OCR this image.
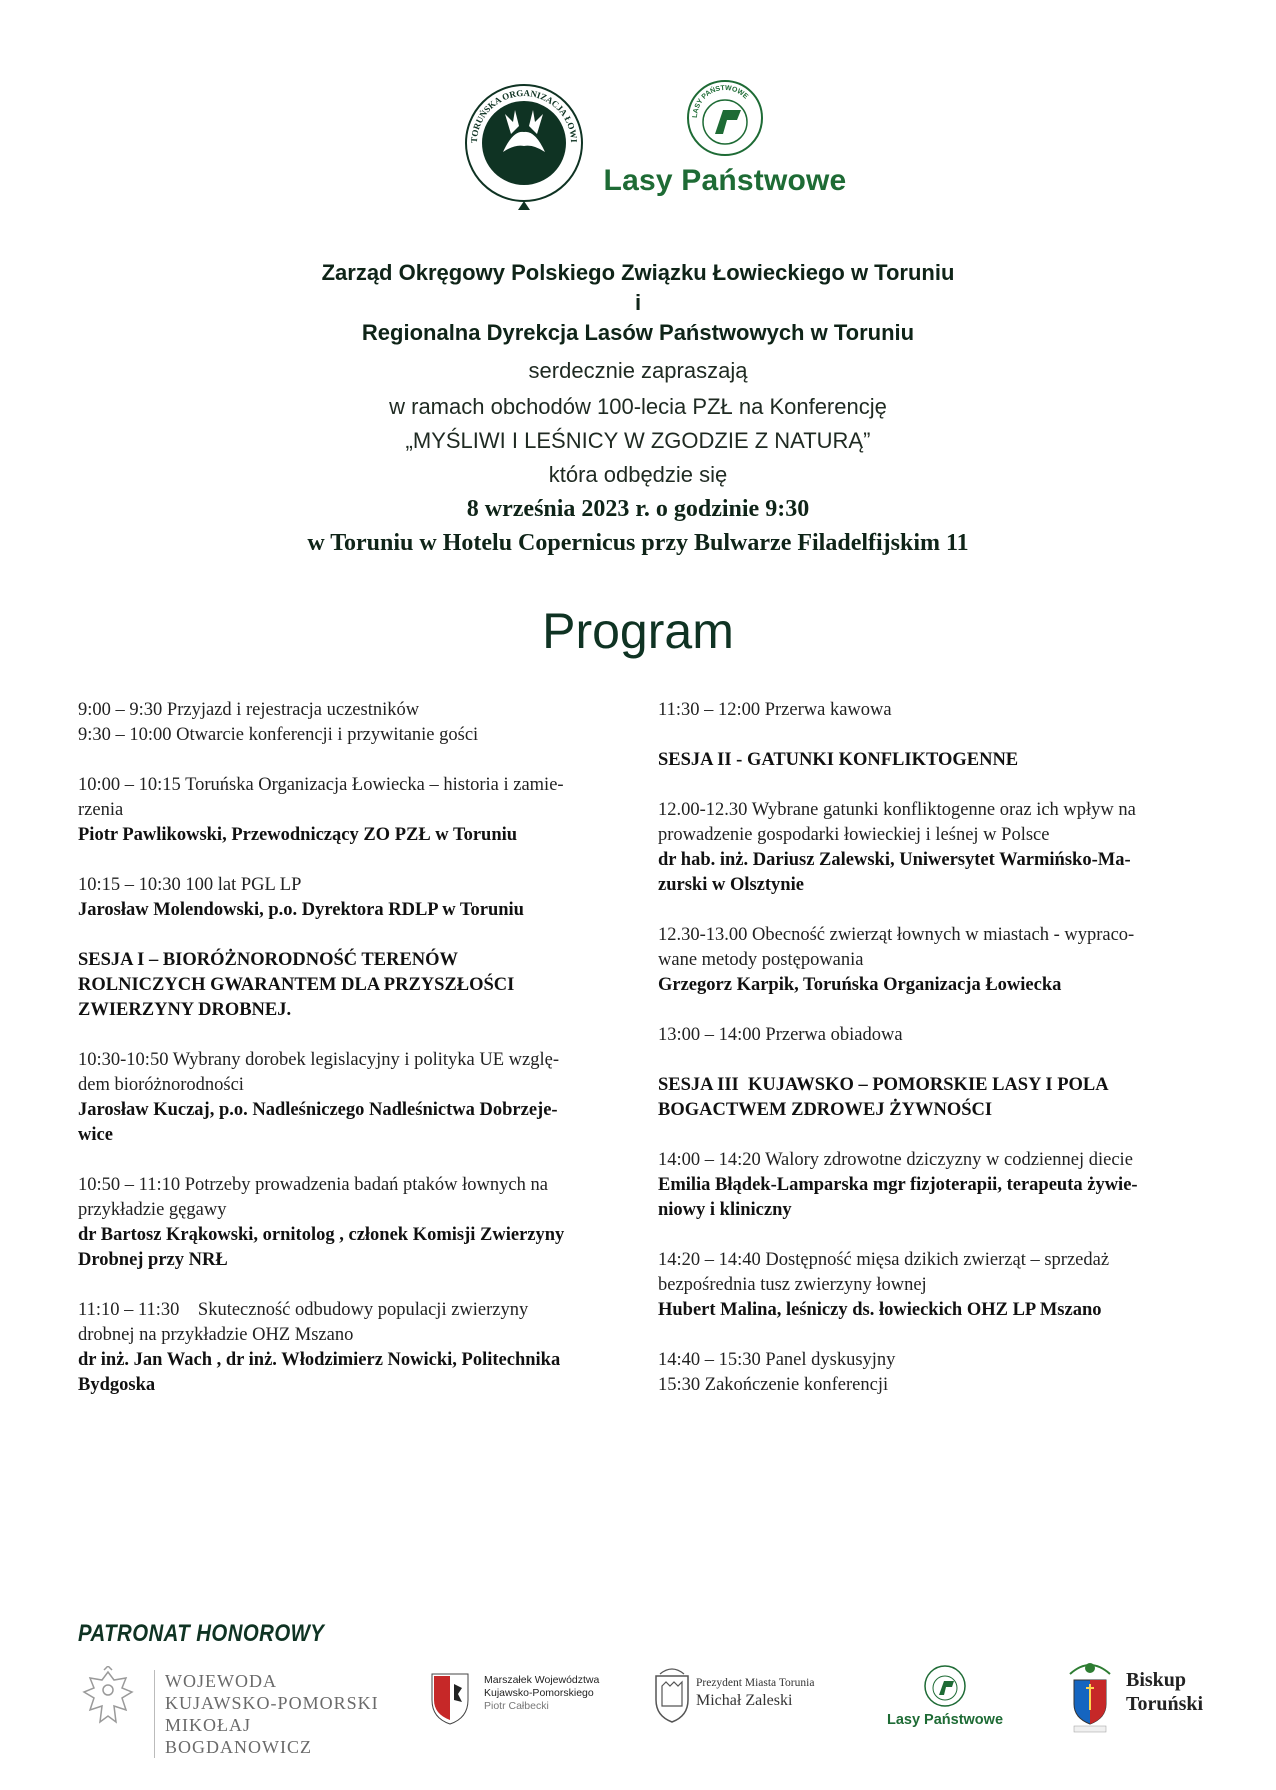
TORUŃSKA ORGANIZACJA ŁOWI
LASY PAŃSTWOWE
Lasy Państwowe
Zarząd Okręgowy Polskiego Związku Łowieckiego w Toruniu
i
Regionalna Dyrekcja Lasów Państwowych w Toruniu
serdecznie zapraszają
w ramach obchodów 100-lecia PZŁ na Konferencję
„MYŚLIWI I LEŚNICY W ZGODZIE Z NATURĄ”
która odbędzie się
8 września 2023 r. o godzinie 9:30
w Toruniu w Hotelu Copernicus przy Bulwarze Filadelfijskim 11
Program

9:00 – 9:30 Przyjazd i rejestracja uczestników

9:30 – 10:00 Otwarcie konferencji i przywitanie gości

10:00 – 10:15 Toruńska Organizacja Łowiecka – historia i zamie-

rzenia

Piotr Pawlikowski, Przewodniczący ZO PZŁ w Toruniu

10:15 – 10:30 100 lat PGL LP

Jarosław Molendowski, p.o. Dyrektora RDLP w Toruniu

SESJA I – BIORÓŻNORODNOŚĆ TERENÓW
ROLNICZYCH GWARANTEM DLA PRZYSZŁOŚCI
ZWIERZYNY DROBNEJ.

10:30-10:50 Wybrany dorobek legislacyjny i polityka UE wzglę-

dem bioróżnorodności

Jarosław Kuczaj, p.o. Nadleśniczego Nadleśnictwa Dobrzeje-

wice

10:50 – 11:10 Potrzeby prowadzenia badań ptaków łownych na

przykładzie gęgawy

dr Bartosz Krąkowski, ornitolog , członek Komisji Zwierzyny

Drobnej przy NRŁ

11:10 – 11:30    Skuteczność odbudowy populacji zwierzyny

drobnej na przykładzie OHZ Mszano

dr inż. Jan Wach , dr inż. Włodzimierz Nowicki, Politechnika

Bydgoska

11:30 – 12:00 Przerwa kawowa

SESJA II - GATUNKI KONFLIKTOGENNE

12.00-12.30 Wybrane gatunki konfliktogenne oraz ich wpływ na

prowadzenie gospodarki łowieckiej i leśnej w Polsce

dr hab. inż. Dariusz Zalewski, Uniwersytet Warmińsko-Ma-

zurski w Olsztynie

12.30-13.00 Obecność zwierząt łownych w miastach - wypraco-

wane metody postępowania

Grzegorz Karpik, Toruńska Organizacja Łowiecka

13:00 – 14:00 Przerwa obiadowa

SESJA III  KUJAWSKO – POMORSKIE LASY I POLA
BOGACTWEM ZDROWEJ ŻYWNOŚCI

14:00 – 14:20 Walory zdrowotne dziczyzny w codziennej diecie

Emilia Błądek-Lamparska mgr fizjoterapii, terapeuta żywie-

niowy i kliniczny

14:20 – 14:40 Dostępność mięsa dzikich zwierząt – sprzedaż

bezpośrednia tusz zwierzyny łownej

Hubert Malina, leśniczy ds. łowieckich OHZ LP Mszano

14:40 – 15:30 Panel dyskusyjny

15:30 Zakończenie konferencji

PATRONAT HONOROWY
WOJEWODA
KUJAWSKO-POMORSKI
MIKOŁAJ BOGDANOWICZ
Marszałek Województwa
Kujawsko-Pomorskiego
Piotr Całbecki
Prezydent Miasta Torunia
Michał Zaleski
Lasy Państwowe
Biskup
Toruński
